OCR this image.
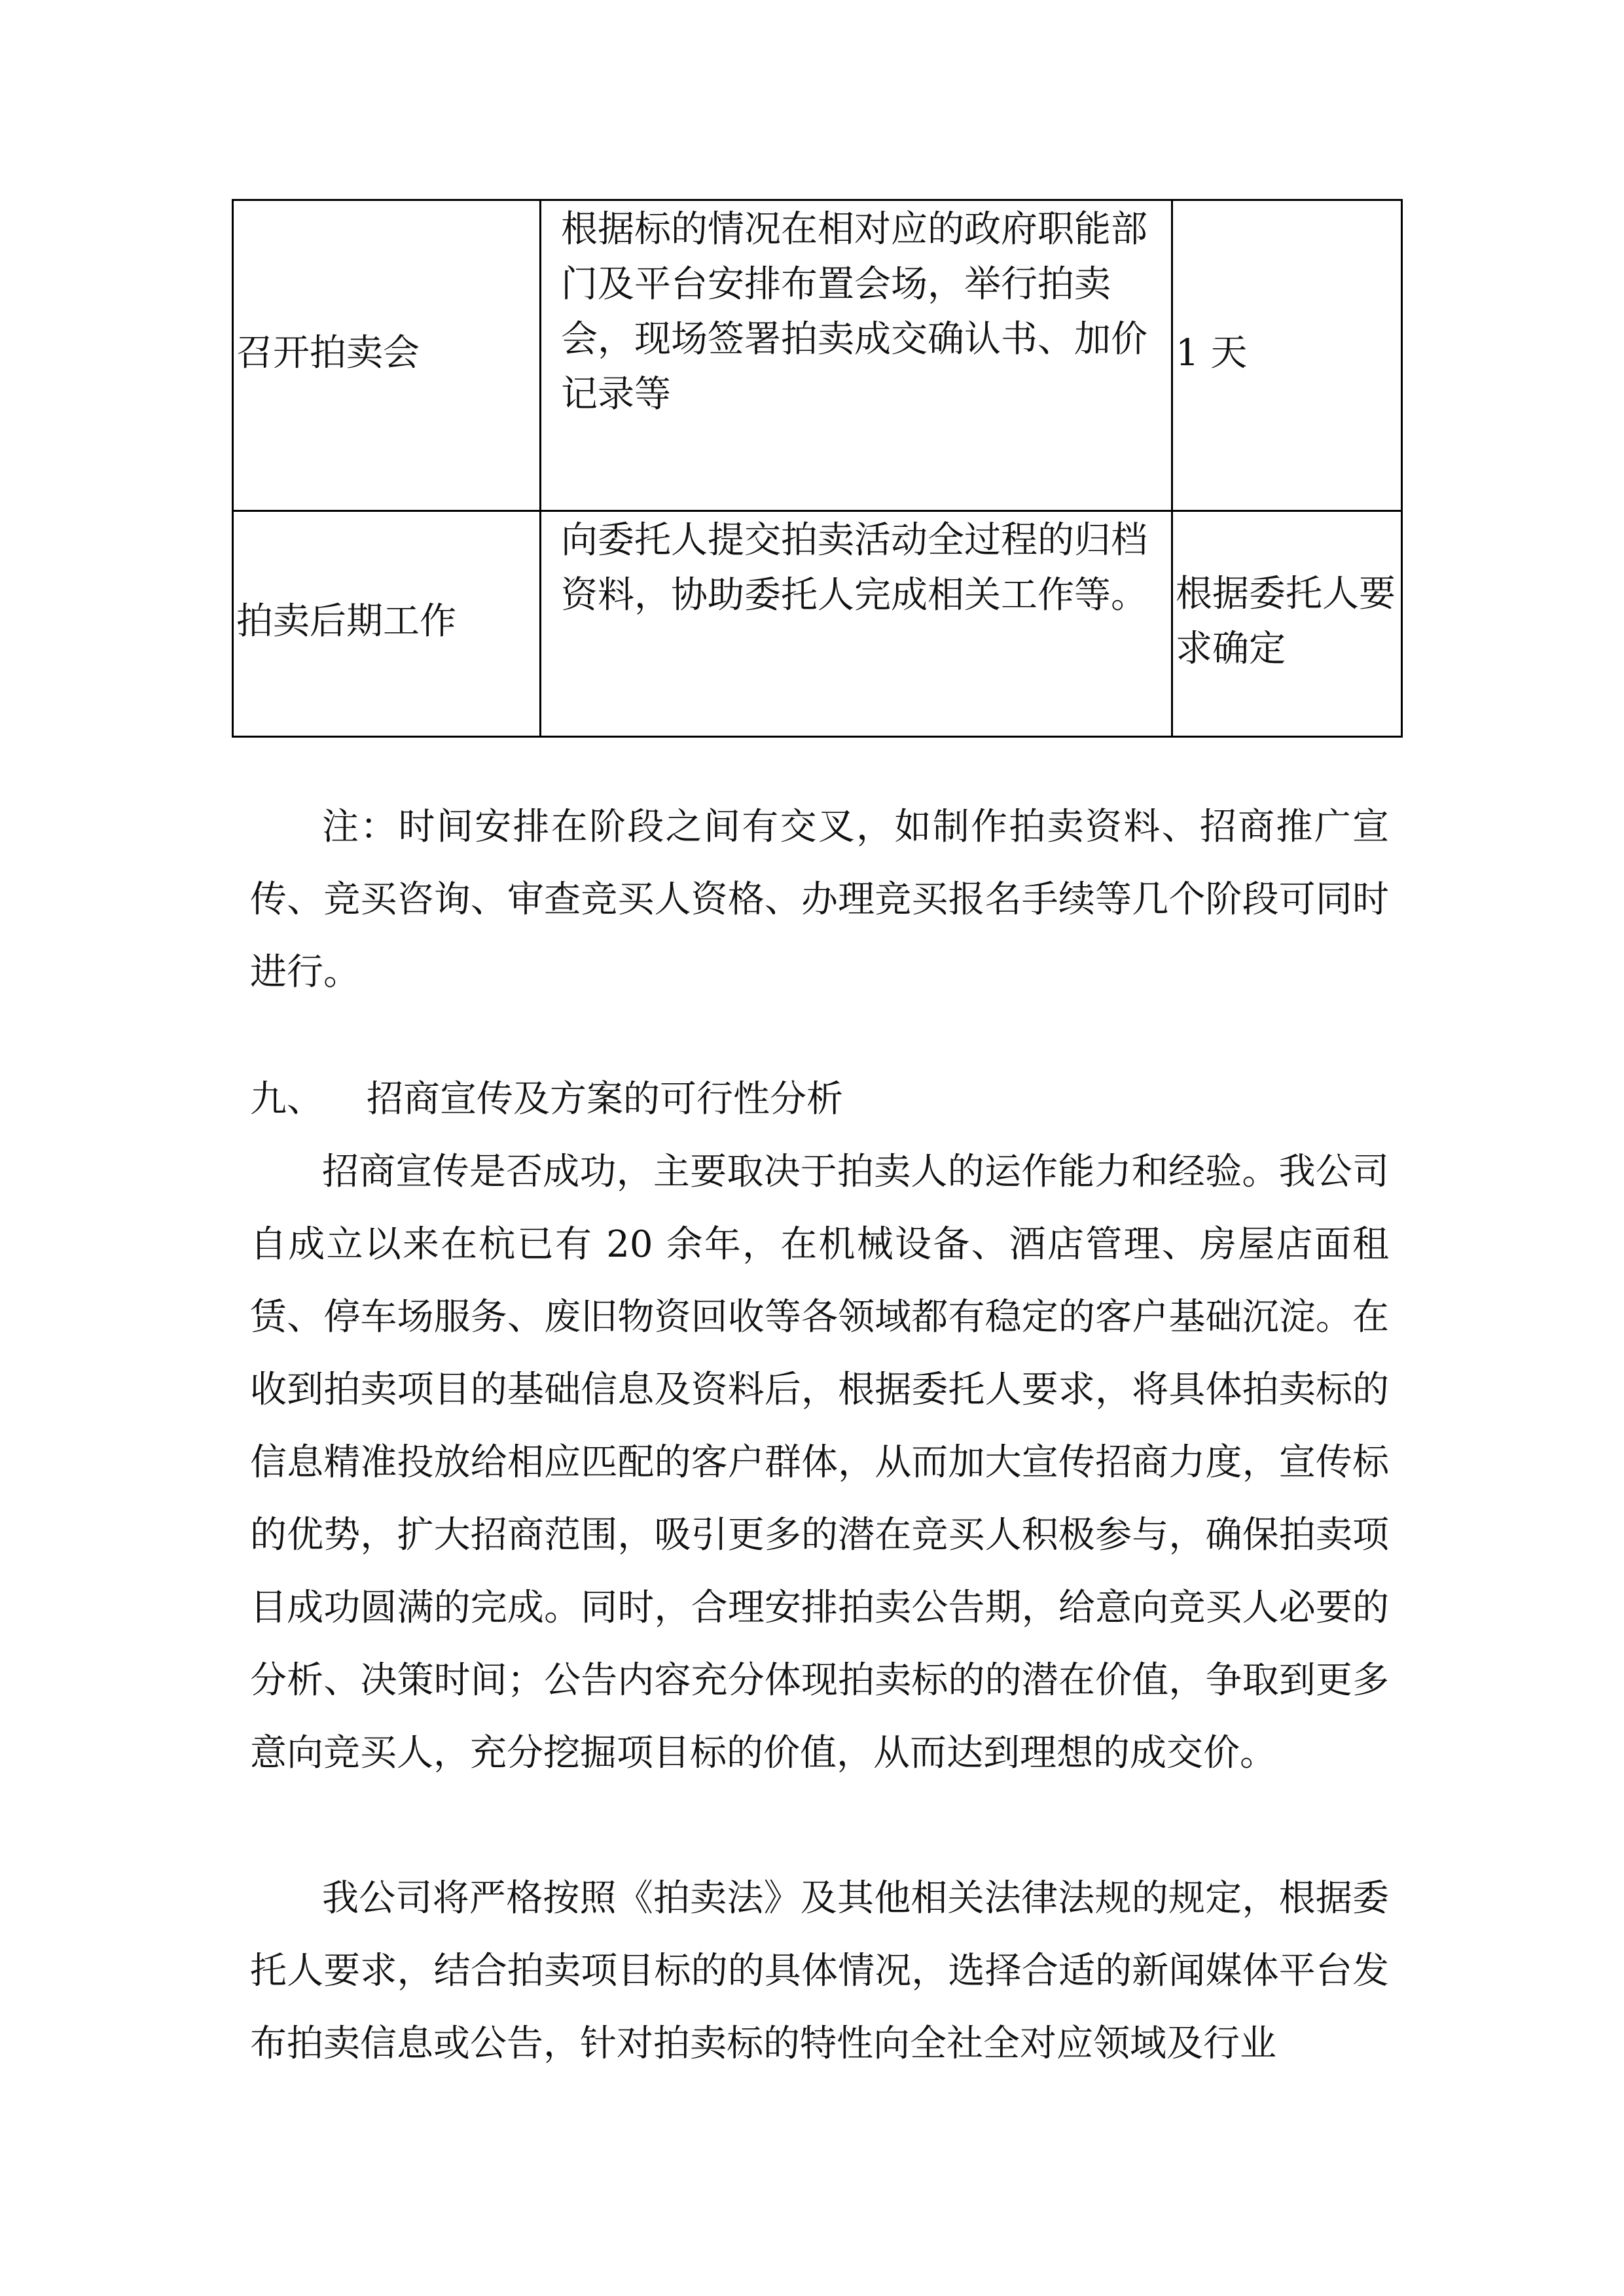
召开拍卖会	根据标的情况在相对应的政府职能部门及平台安排布置会场，举行拍卖会，现场签署拍卖成交确认书、加价记录等	1 天
拍卖后期工作	向委托人提交拍卖活动全过程的归档资料，协助委托人完成相关工作等。	根据委托人要求确定

注：时间安排在阶段之间有交叉，如制作拍卖资料、招商推广宣传、竞买咨询、审查竞买人资格、办理竞买报名手续等几个阶段可同时进行。

九、 招商宣传及方案的可行性分析

招商宣传是否成功，主要取决于拍卖人的运作能力和经验。我公司自成立以来在杭已有 20 余年，在机械设备、酒店管理、房屋店面租赁、停车场服务、废旧物资回收等各领域都有稳定的客户基础沉淀。在收到拍卖项目的基础信息及资料后，根据委托人要求，将具体拍卖标的信息精准投放给相应匹配的客户群体，从而加大宣传招商力度，宣传标的优势，扩大招商范围，吸引更多的潜在竞买人积极参与，确保拍卖项目成功圆满的完成。同时，合理安排拍卖公告期，给意向竞买人必要的分析、决策时间；公告内容充分体现拍卖标的的潜在价值，争取到更多意向竞买人，充分挖掘项目标的价值，从而达到理想的成交价。

我公司将严格按照《拍卖法》及其他相关法律法规的规定，根据委托人要求，结合拍卖项目标的的具体情况，选择合适的新闻媒体平台发布拍卖信息或公告，针对拍卖标的特性向全社全对应领域及行业
